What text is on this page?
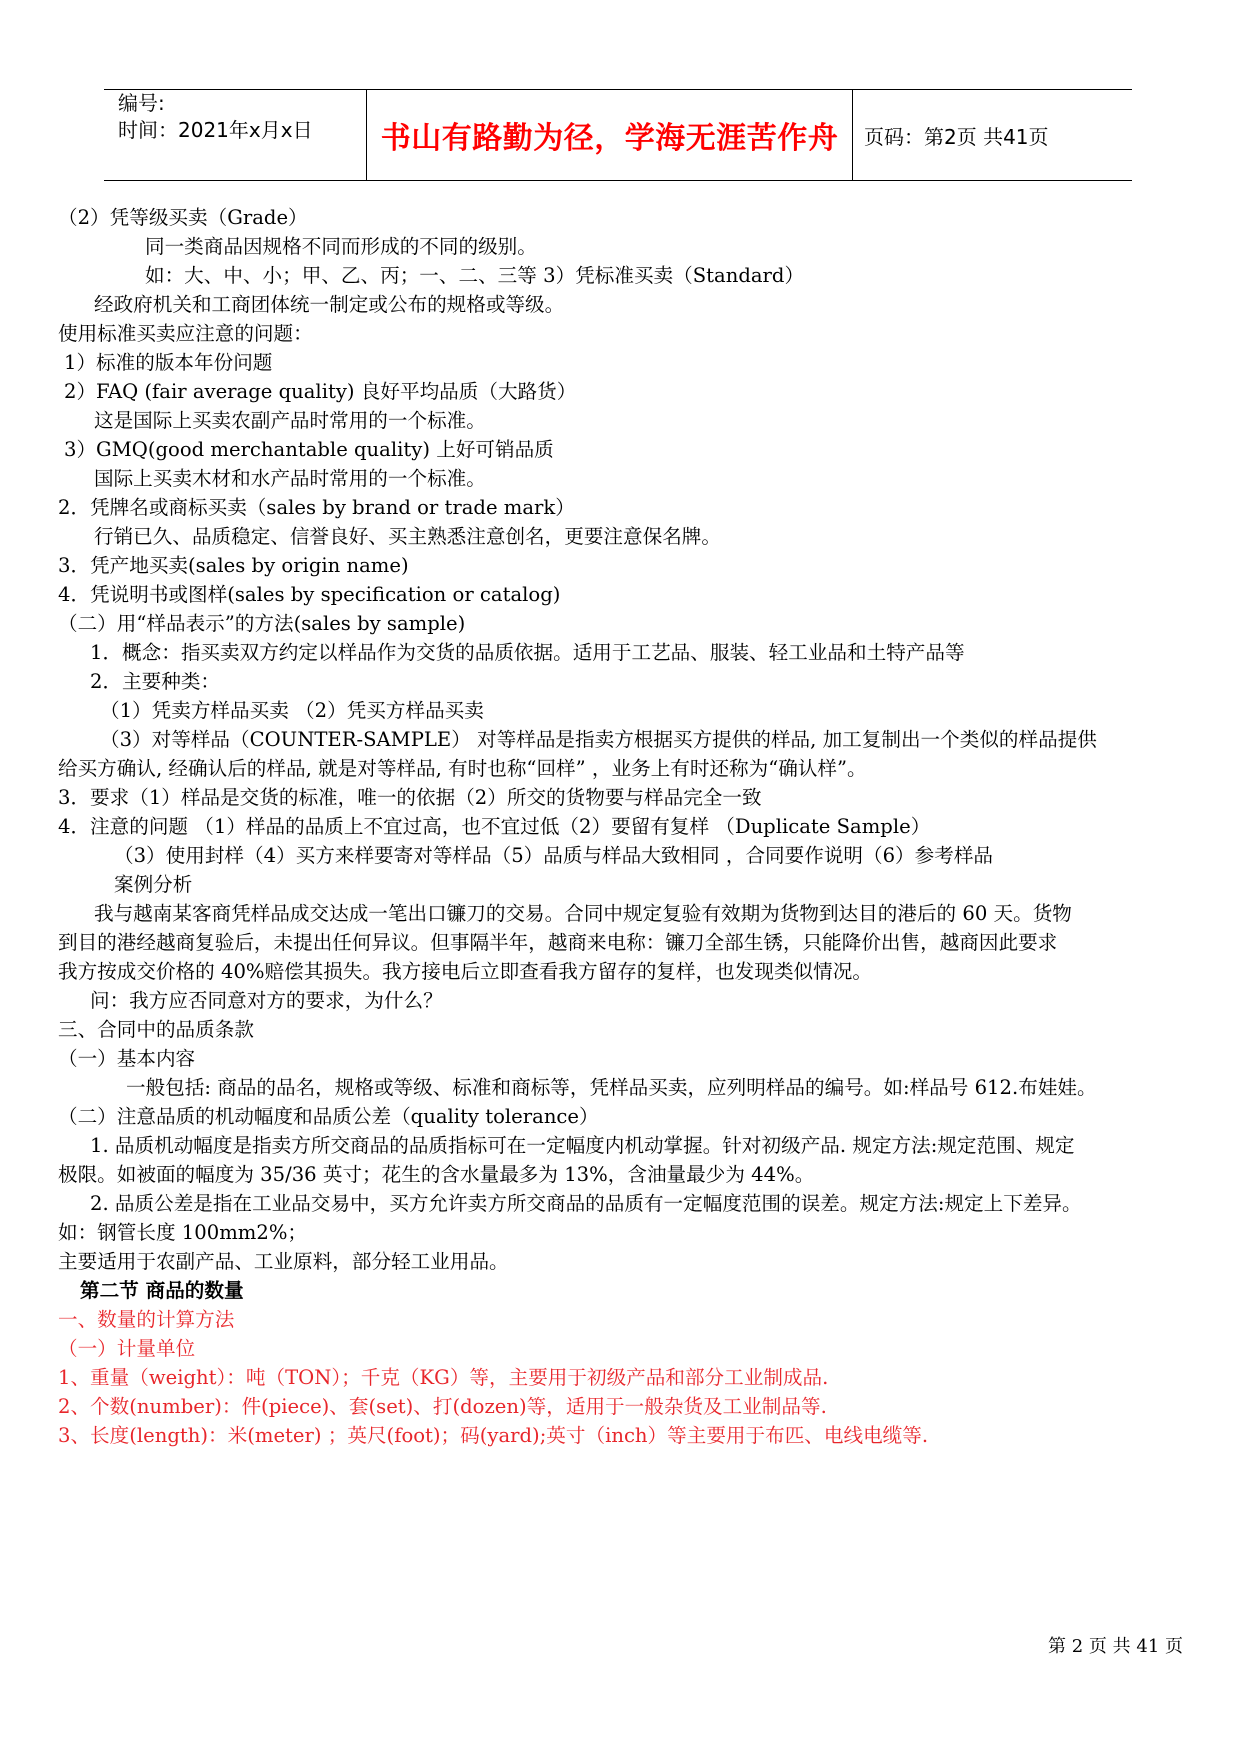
编号:
时间：2021年x月x日	书山有路勤为径，学海无涯苦作舟	页码：第2页 共41页
（2）凭等级买卖（Grade）
同一类商品因规格不同而形成的不同的级别。
如：大、中、小；甲、乙、丙；一、二、三等 3）凭标准买卖（Standard）
经政府机关和工商团体统一制定或公布的规格或等级。
使用标准买卖应注意的问题：
1）标准的版本年份问题
2）FAQ (fair average quality) 良好平均品质（大路货）
这是国际上买卖农副产品时常用的一个标准。
3）GMQ(good merchantable quality) 上好可销品质
国际上买卖木材和水产品时常用的一个标准。
2．凭牌名或商标买卖（sales by brand or trade mark）
行销已久、品质稳定、信誉良好、买主熟悉注意创名，更要注意保名牌。
3．凭产地买卖(sales by origin name)
4．凭说明书或图样(sales by specification or catalog)
（二）用“样品表示”的方法(sales by sample)
1．概念：指买卖双方约定以样品作为交货的品质依据。适用于工艺品、服装、轻工业品和土特产品等
2．主要种类：
（1）凭卖方样品买卖 （2）凭买方样品买卖
（3）对等样品（COUNTER-SAMPLE） 对等样品是指卖方根据买方提供的样品, 加工复制出一个类似的样品提供
给买方确认, 经确认后的样品, 就是对等样品, 有时也称“回样” ，业务上有时还称为“确认样”。
3．要求（1）样品是交货的标准，唯一的依据（2）所交的货物要与样品完全一致
4．注意的问题 （1）样品的品质上不宜过高，也不宜过低（2）要留有复样 （Duplicate Sample）
（3）使用封样（4）买方来样要寄对等样品（5）品质与样品大致相同 ，合同要作说明（6）参考样品
案例分析
我与越南某客商凭样品成交达成一笔出口镰刀的交易。合同中规定复验有效期为货物到达目的港后的 60 天。货物
到目的港经越商复验后，未提出任何异议。但事隔半年，越商来电称：镰刀全部生锈，只能降价出售，越商因此要求
我方按成交价格的 40%赔偿其损失。我方接电后立即查看我方留存的复样，也发现类似情况。
问：我方应否同意对方的要求，为什么？
三、合同中的品质条款
（一）基本内容
一般包括: 商品的品名，规格或等级、标准和商标等，凭样品买卖，应列明样品的编号。如:样品号 612.布娃娃。
（二）注意品质的机动幅度和品质公差（quality tolerance）
1. 品质机动幅度是指卖方所交商品的品质指标可在一定幅度内机动掌握。针对初级产品. 规定方法:规定范围、规定
极限。如被面的幅度为 35/36 英寸；花生的含水量最多为 13%，含油量最少为 44%。
2. 品质公差是指在工业品交易中，买方允许卖方所交商品的品质有一定幅度范围的误差。规定方法:规定上下差异。
如：钢管长度 100mm2%；
主要适用于农副产品、工业原料，部分轻工业用品。
第二节 商品的数量
一、数量的计算方法
（一）计量单位
1、重量（weight）：吨（TON）；千克（KG）等，主要用于初级产品和部分工业制成品.
2、个数(number)：件(piece)、套(set)、打(dozen)等，适用于一般杂货及工业制品等.
3、长度(length)：米(meter) ；英尺(foot)；码(yard);英寸（inch）等主要用于布匹、电线电缆等.
第 2 页 共 41 页
